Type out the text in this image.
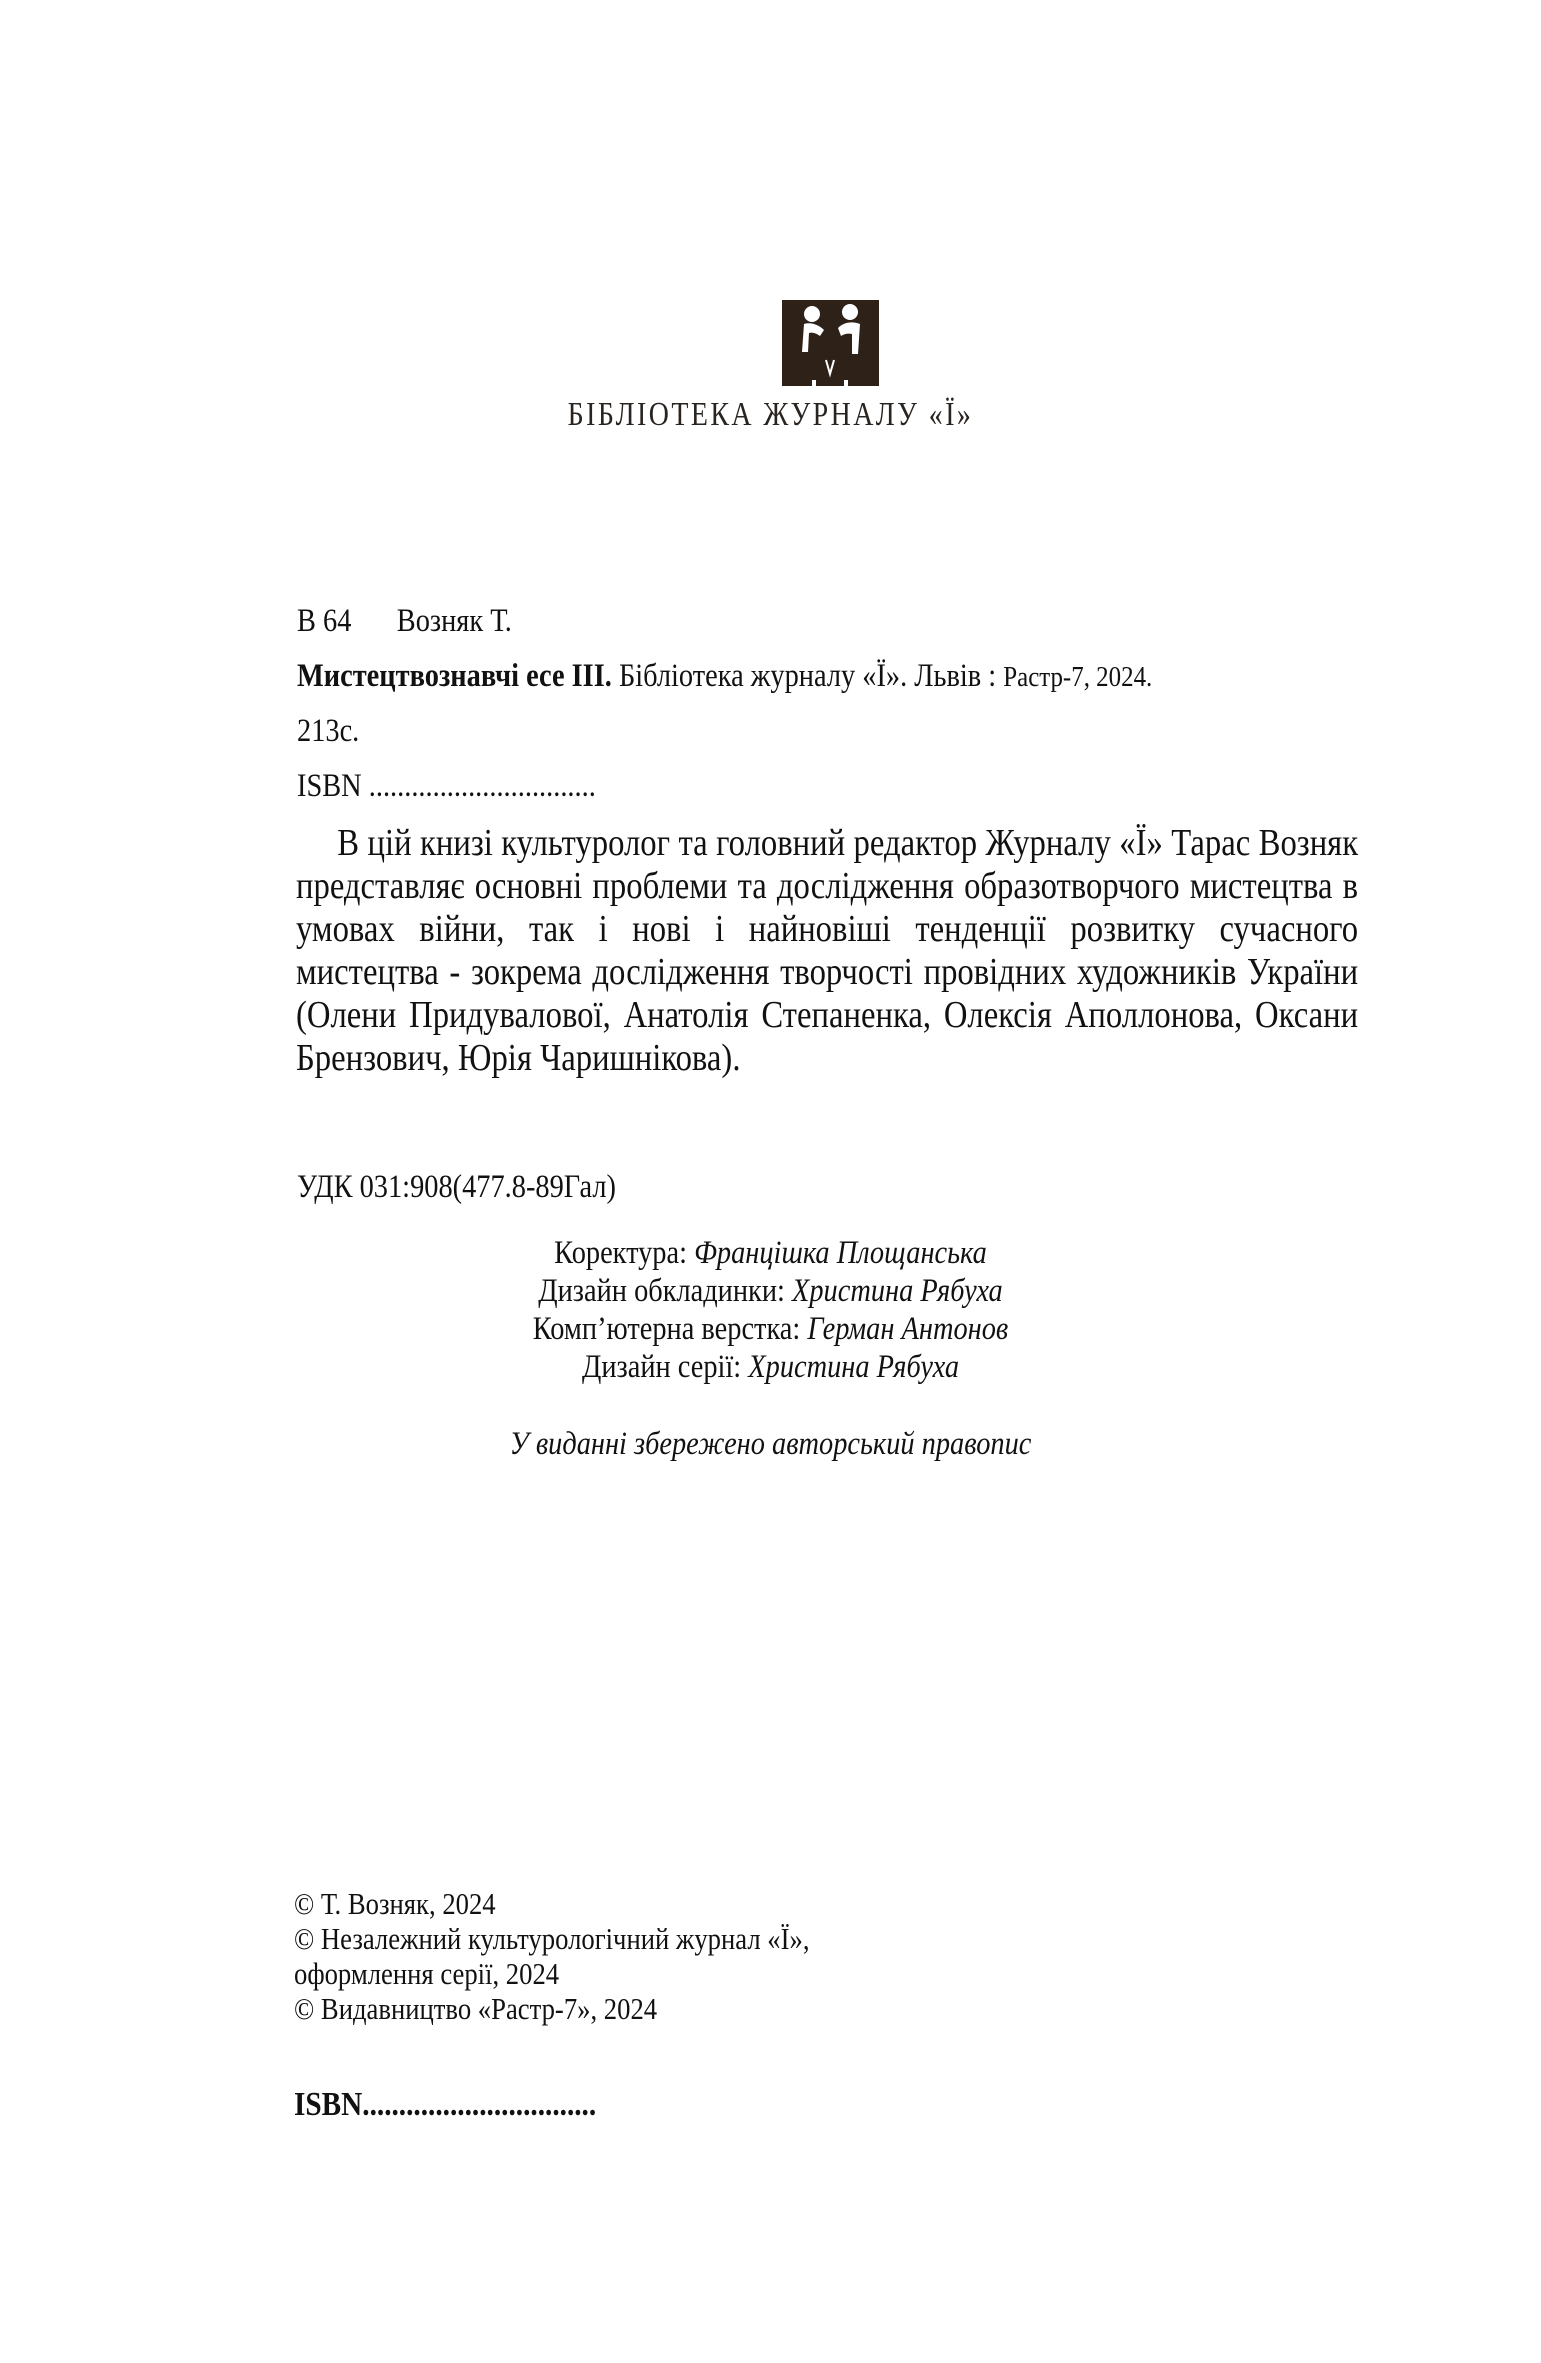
БІБЛІОТЕКА ЖУРНАЛУ «Ї»
В 64 Возняк Т.
Мистецтвознавчі есе ІІІ. Бібліотека журналу «Ї». Львів : Растр-7, 2024.
213с.
ISBN ................................
В цій книзі культуролог та головний редактор Журналу «Ї» Тарас Возняк представляє основні проблеми та дослідження образотворчого мистецтва в умовах війни, так і нові і найновіші тенденції розвитку сучасного мистецтва - зокрема дослідження творчості провідних художників України (Олени Придувалової, Анатолія Степаненка, Олексія Аполлонова, Оксани Брензович, Юрія Чаришнікова).
УДК 031:908(477.8-89Гал)
Коректура: Францішка Площанська
Дизайн обкладинки: Христина Рябуха
Комп’ютерна верстка: Герман Антонов
Дизайн серії: Христина Рябуха
У виданні збережено авторський правопис
© Т. Возняк, 2024
© Незалежний культурологічний журнал «Ї»,
оформлення серії, 2024
© Видавництво «Растр-7», 2024
ISBN................................
